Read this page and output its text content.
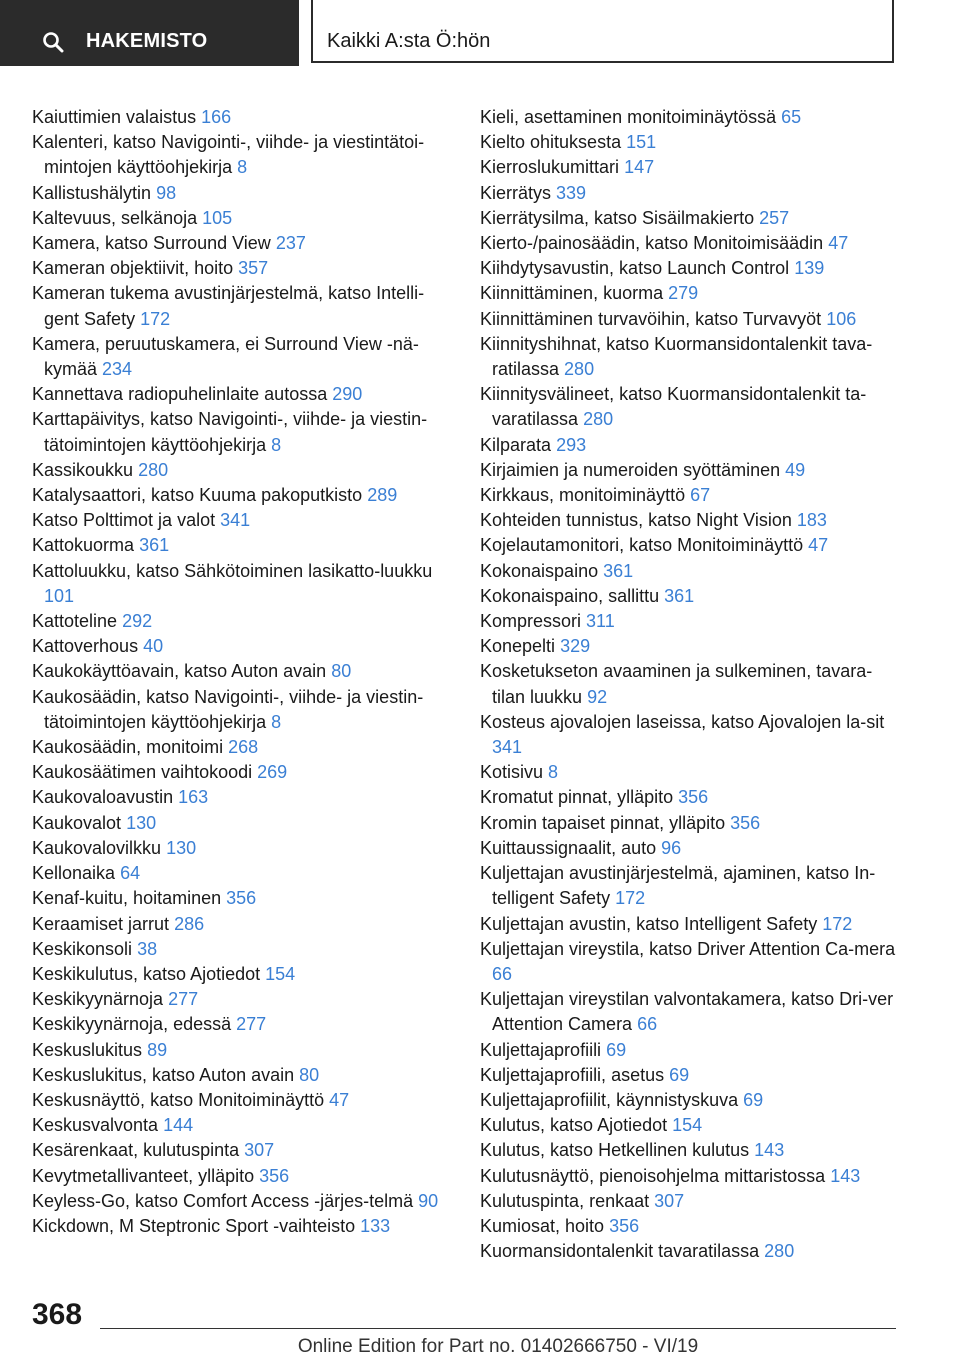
HAKEMISTO	Kaikki A:sta Ö:hön

Kaiuttimien valaistus 166

Kalenteri, katso Navigointi-, viihde- ja viestintätoi-mintojen käyttöohjekirja 8

Kallistushälytin 98

Kaltevuus, selkänoja 105

Kamera, katso Surround View 237

Kameran objektiivit, hoito 357

Kameran tukema avustinjärjestelmä, katso Intelli-gent Safety 172

Kamera, peruutuskamera, ei Surround View -nä-kymää 234

Kannettava radiopuhelinlaite autossa 290

Karttapäivitys, katso Navigointi-, viihde- ja viestin-tätoimintojen käyttöohjekirja 8

Kassikoukku 280

Katalysaattori, katso Kuuma pakoputkisto 289

Katso Polttimot ja valot 341

Kattokuorma 361

Kattoluukku, katso Sähkötoiminen lasikatto-luukku 101

Kattoteline 292

Kattoverhous 40

Kaukokäyttöavain, katso Auton avain 80

Kaukosäädin, katso Navigointi-, viihde- ja viestin-tätoimintojen käyttöohjekirja 8

Kaukosäädin, monitoimi 268

Kaukosäätimen vaihtokoodi 269

Kaukovaloavustin 163

Kaukovalot 130

Kaukovalovilkku 130

Kellonaika 64

Kenaf-kuitu, hoitaminen 356

Keraamiset jarrut 286

Keskikonsoli 38

Keskikulutus, katso Ajotiedot 154

Keskikyynärnoja 277

Keskikyynärnoja, edessä 277

Keskuslukitus 89

Keskuslukitus, katso Auton avain 80

Keskusnäyttö, katso Monitoiminäyttö 47

Keskusvalvonta 144

Kesärenkaat, kulutuspinta 307

Kevytmetallivanteet, ylläpito 356

Keyless-Go, katso Comfort Access -järjes-telmä 90

Kickdown, M Steptronic Sport -vaihteisto 133

Kieli, asettaminen monitoiminäytössä 65

Kielto ohituksesta 151

Kierroslukumittari 147

Kierrätys 339

Kierrätysilma, katso Sisäilmakierto 257

Kierto-/painosäädin, katso Monitoimisäädin 47

Kiihdytysavustin, katso Launch Control 139

Kiinnittäminen, kuorma 279

Kiinnittäminen turvavöihin, katso Turvavyöt 106

Kiinnityshihnat, katso Kuormansidontalenkit tava-ratilassa 280

Kiinnitysvälineet, katso Kuormansidontalenkit ta-varatilassa 280

Kilparata 293

Kirjaimien ja numeroiden syöttäminen 49

Kirkkaus, monitoiminäyttö 67

Kohteiden tunnistus, katso Night Vision 183

Kojelautamonitori, katso Monitoiminäyttö 47

Kokonaispaino 361

Kokonaispaino, sallittu 361

Kompressori 311

Konepelti 329

Kosketukseton avaaminen ja sulkeminen, tavara-tilan luukku 92

Kosteus ajovalojen laseissa, katso Ajovalojen la-sit 341

Kotisivu 8

Kromatut pinnat, ylläpito 356

Kromin tapaiset pinnat, ylläpito 356

Kuittaussignaalit, auto 96

Kuljettajan avustinjärjestelmä, ajaminen, katso In-telligent Safety 172

Kuljettajan avustin, katso Intelligent Safety 172

Kuljettajan vireystila, katso Driver Attention Ca-mera 66

Kuljettajan vireystilan valvontakamera, katso Dri-ver Attention Camera 66

Kuljettajaprofiili 69

Kuljettajaprofiili, asetus 69

Kuljettajaprofiilit, käynnistyskuva 69

Kulutus, katso Ajotiedot 154

Kulutus, katso Hetkellinen kulutus 143

Kulutusnäyttö, pienoisohjelma mittaristossa 143

Kulutuspinta, renkaat 307

Kumiosat, hoito 356

Kuormansidontalenkit tavaratilassa 280

368
Online Edition for Part no. 01402666750 - VI/19
